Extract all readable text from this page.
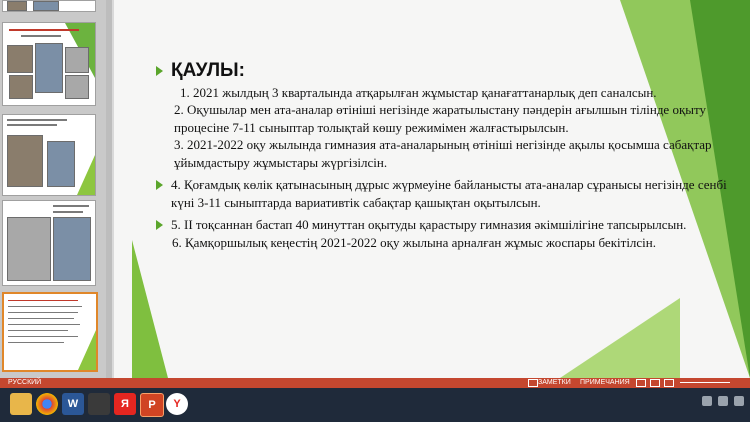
ҚАУЛЫ:
1. 2021 жылдың 3 кварталында атқарылған жұмыстар қанағаттанарлық деп саналсын.
2. Оқушылар мен ата-аналар өтініші негізінде жаратылыстану пәндерін ағылшын тілінде оқыту процесіне 7-11 сыныптар толықтай көшу режимімен жалғастырылсын.
3. 2021-2022 оқу жылында гимназия ата-аналарының өтініші негізінде ақылы қосымша сабақтар ұйымдастыру жұмыстары жүргізілсін.
4. Қоғамдық көлік қатынасының дұрыс жүрмеуіне байланысты ата-аналар сұранысы негізінде сенбі күні 3-11 сыныптарда вариативтік сабақтар қашықтан оқытылсын.
5. II тоқсаннан бастап 40 минуттан оқытуды қарастыру гимназия әкімшілігіне тапсырылсын.
6. Қамқоршылық кеңестің 2021-2022 оқу жылына арналған жұмыс жоспары бекітілсін.
РУССКИЙ	ЗАМЕТКИ ПРИМЕЧАНИЯ
W	Я	P	Y
